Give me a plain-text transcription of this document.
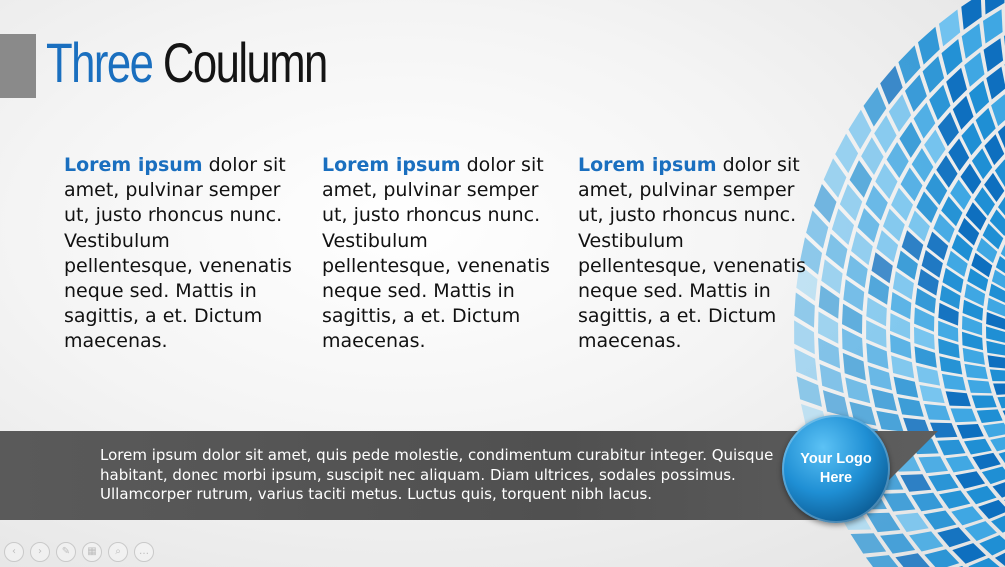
Three Coulumn
Lorem ipsum dolor sit amet, pulvinar semper ut, justo rhoncus nunc. Vestibulum pellentesque, venenatis neque sed. Mattis in sagittis, a et. Dictum maecenas.
Lorem ipsum dolor sit amet, pulvinar semper ut, justo rhoncus nunc. Vestibulum pellentesque, venenatis neque sed. Mattis in sagittis, a et. Dictum maecenas.
Lorem ipsum dolor sit amet, pulvinar semper ut, justo rhoncus nunc. Vestibulum pellentesque, venenatis neque sed. Mattis in sagittis, a et. Dictum maecenas.
Lorem ipsum dolor sit amet, quis pede molestie, condimentum curabitur integer. Quisque habitant, donec morbi ipsum, suscipit nec aliquam. Diam ultrices, sodales possimus. Ullamcorper rutrum, varius taciti metus. Luctus quis, torquent nibh lacus.
Your Logo Here
‹	›	✎	▦	⌕	…
